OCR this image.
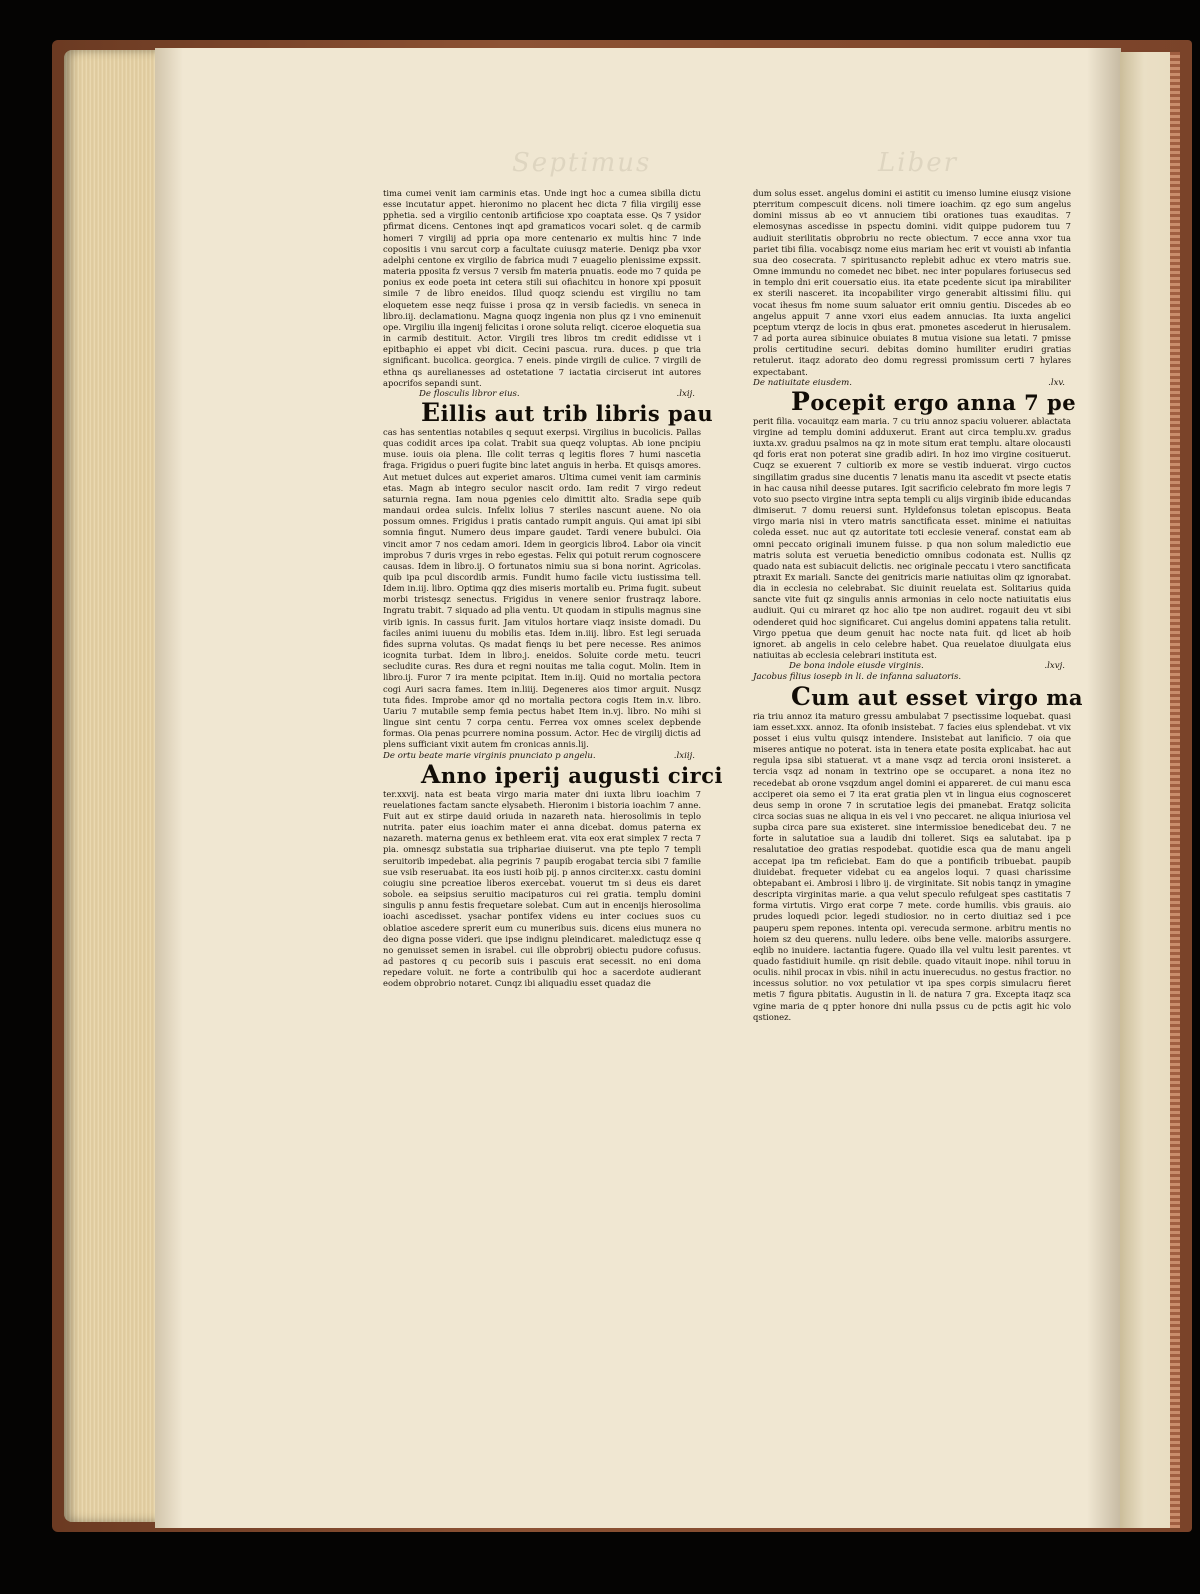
Septimus	Liber

tima cumei venit iam carminis etas. Unde ingt hoc a cumea sibilla dictu esse incutatur appet. hieronimo no placent hec dicta 7 filia virgilij esse pphetia. sed a virgilio centonib artificiose xpo coaptata esse. Qs 7 ysidor pfirmat dicens. Centones inqt apd gramaticos vocari solet. q de carmib homeri 7 virgilij ad ppria opa more centenario ex multis hinc 7 inde copositis i vnu sarcut corp a facultate cuiusqz materie. Deniqz pba vxor adelphi centone ex virgilio de fabrica mudi 7 euagelio plenissime expssit. materia pposita fz versus 7 versib fm materia pnuatis. eode mo 7 quida pe ponius ex eode poeta int cetera stili sui ofiachitcu in honore xpi pposuit simile 7 de libro eneidos. Illud quoqz sciendu est virgiliu no tam eloquetem esse neqz fuisse i prosa qz in versib faciedis. vn seneca in libro.iij. declamationu. Magna quoqz ingenia non plus qz i vno eminenuit ope. Virgiliu illa ingenij felicitas i orone soluta reliqt. ciceroe eloquetia sua in carmib destituit. Actor. Virgili tres libros tm credit edidisse vt i epitbaphio ei appet vbi dicit. Cecini pascua. rura. duces. p que tria significant. bucolica. georgica. 7 eneis. pinde virgili de culice. 7 virgili de ethna qs aurelianesses ad ostetatione 7 iactatia circiserut int autores apocrifos sepandi sunt.

De flosculis libror eius.	.lxij.
Eillis aut trib libris pau

cas has sententias notabiles q sequut exerpsi. Virgilius in bucolicis. Pallas quas codidit arces ipa colat. Trabit sua queqz voluptas. Ab ione pncipiu muse. iouis oia plena. Ille colit terras q legitis flores 7 humi nascetia fraga. Frigidus o pueri fugite binc latet anguis in herba. Et quisqs amores. Aut metuet dulces aut experiet amaros. Ultima cumei venit iam carminis etas. Magn ab integro seculor nascit ordo. Iam redit 7 virgo redeut saturnia regna. Iam noua pgenies celo dimittit alto. Sradia sepe quib mandaui ordea sulcis. Infelix lolius 7 steriles nascunt auene. No oia possum omnes. Frigidus i pratis cantado rumpit anguis. Qui amat ipi sibi somnia fingut. Numero deus impare gaudet. Tardi venere bubulci. Oia vincit amor 7 nos cedam amori. Idem in georgicis libro4. Labor oia vincit improbus 7 duris vrges in rebo egestas. Felix qui potuit rerum cognoscere causas. Idem in libro.ij. O fortunatos nimiu sua si bona norint. Agricolas. quib ipa pcul discordib armis. Fundit humo facile victu iustissima tell. Idem in.iij. libro. Optima qqz dies miseris mortalib eu. Prima fugit. subeut morbi tristesqz senectus. Frigidus in venere senior frustraqz labore. Ingratu trabit. 7 siquado ad plia ventu. Ut quodam in stipulis magnus sine virib ignis. In cassus furit. Jam vitulos hortare viaqz insiste domadi. Du faciles animi iuuenu du mobilis etas. Idem in.iiij. libro. Est legi seruada fides suprna volutas. Qs madat fienqs iu bet pere necesse. Res animos icognita turbat. Idem in libro.j. eneidos. Soluite corde metu. teucri secludite curas. Res dura et regni nouitas me talia cogut. Molin. Item in libro.ij. Furor 7 ira mente pcipitat. Item in.iij. Quid no mortalia pectora cogi Auri sacra fames. Item in.liiij. Degeneres aios timor arguit. Nusqz tuta fides. Improbe amor qd no mortalia pectora cogis Item in.v. libro. Uariu 7 mutabile semp femia pectus habet Item in.vj. libro. No mihi si lingue sint centu 7 corpa centu. Ferrea vox omnes scelex depbende formas. Oia penas pcurrere nomina possum. Actor. Hec de virgilij dictis ad plens sufficiant vixit autem fm cronicas annis.lij.

De ortu beate marie virginis pnunciato p angelu.	.lxiij.
Anno iperij augusti circi

ter.xxvij. nata est beata virgo maria mater dni iuxta libru ioachim 7 reuelationes factam sancte elysabeth. Hieronim i bistoria ioachim 7 anne. Fuit aut ex stirpe dauid oriuda in nazareth nata. hierosolimis in teplo nutrita. pater eius ioachim mater ei anna dicebat. domus paterna ex nazareth. materna genus ex bethleem erat. vita eox erat simplex 7 recta 7 pia. omnesqz substatia sua triphariae diuiserut. vna pte teplo 7 templi seruitorib impedebat. alia pegrinis 7 paupib erogabat tercia sibi 7 familie sue vsib reseruabat. ita eos iusti hoib pij. p annos circiter.xx. castu domini coiugiu sine pcreatioe liberos exercebat. vouerut tm si deus eis daret sobole. ea seipsius seruitio macipaturos cui rei gratia. templu domini singulis p annu festis frequetare solebat. Cum aut in encenijs hierosolima ioachi ascedisset. ysachar pontifex videns eu inter cociues suos cu oblatioe ascedere sprerit eum cu muneribus suis. dicens eius munera no deo digna posse videri. que ipse indignu pleindicaret. maledictuqz esse q no genuisset semen in israbel. cui ille obprobrij obiectu pudore cofusus. ad pastores q cu pecorib suis i pascuis erat secessit. no eni doma repedare voluit. ne forte a contribulib qui hoc a sacerdote audierant eodem obprobrio notaret. Cunqz ibi aliquadiu esset quadaz die

dum solus esset. angelus domini ei astitit cu imenso lumine eiusqz visione pterritum compescuit dicens. noli timere ioachim. qz ego sum angelus domini missus ab eo vt annuciem tibi orationes tuas exauditas. 7 elemosynas ascedisse in pspectu domini. vidit quippe pudorem tuu 7 audiuit sterilitatis obprobriu no recte obiectum. 7 ecce anna vxor tua pariet tibi filia. vocabisqz nome eius mariam hec erit vt vouisti ab infantia sua deo cosecrata. 7 spiritusancto replebit adhuc ex vtero matris sue. Omne immundu no comedet nec bibet. nec inter populares foriusecus sed in templo dni erit couersatio eius. ita etate pcedente sicut ipa mirabiliter ex sterili nasceret. ita incopabiliter virgo generabit altissimi filiu. qui vocat ihesus fm nome suum saluator erit omniu gentiu. Discedes ab eo angelus appuit 7 anne vxori eius eadem annucias. Ita iuxta angelici pceptum vterqz de locis in qbus erat. pmonetes ascederut in hierusalem. 7 ad porta aurea sibinuice obuiates 8 mutua visione sua letati. 7 pmisse prolis certitudine securi. debitas domino humiliter erudiri gratias retulerut. itaqz adorato deo domu regressi promissum certi 7 hylares expectabant.

De natiuitate eiusdem.	.lxv.
Pocepit ergo anna 7 pe

perit filia. vocauitqz eam maria. 7 cu triu annoz spaciu voluerer. ablactata virgine ad templu domini adduxerut. Erant aut circa templu.xv. gradus iuxta.xv. graduu psalmos na qz in mote situm erat templu. altare olocausti qd foris erat non poterat sine gradib adiri. In hoz imo virgine cosituerut. Cuqz se exuerent 7 cultiorib ex more se vestib induerat. virgo cuctos singillatim gradus sine ducentis 7 lenatis manu ita ascedit vt psecte etatis in hac causa nihil deesse putares. Igit sacrificio celebrato fm more legis 7 voto suo psecto virgine intra septa templi cu alijs virginib ibide educandas dimiserut. 7 domu reuersi sunt. Hyldefonsus toletan episcopus. Beata virgo maria nisi in vtero matris sanctificata esset. minime ei natiuitas coleda esset. nuc aut qz autoritate toti ecclesie veneraf. constat eam ab omni peccato originali imunem fuisse. p qua non solum maledictio eue matris soluta est veruetia benedictio omnibus codonata est. Nullis qz quado nata est subiacuit delictis. nec originale peccatu i vtero sanctificata ptraxit Ex mariali. Sancte dei genitricis marie natiuitas olim qz ignorabat. dia in ecclesia no celebrabat. Sic diuinit reuelata est. Solitarius quida sancte vite fuit qz singulis annis armonias in celo nocte natiuitatis eius audiuit. Qui cu miraret qz hoc alio tpe non audiret. rogauit deu vt sibi odenderet quid hoc significaret. Cui angelus domini appatens talia retulit. Virgo ppetua que deum genuit hac nocte nata fuit. qd licet ab hoib ignoret. ab angelis in celo celebre habet. Qua reuelatoe diuulgata eius natiuitas ab ecclesia celebrari instituta est.

De bona indole eiusde virginis.	.lxvj.
Jacobus filius iosepb in li. de infanna saluatoris.
Cum aut esset virgo ma

ria triu annoz ita maturo gressu ambulabat 7 psectissime loquebat. quasi iam esset.xxx. annoz. Ita ofonib insistebat. 7 facies eius splendebat. vt vix posset i eius vultu quisqz intendere. Insistebat aut lanificio. 7 oia que miseres antique no poterat. ista in tenera etate posita explicabat. hac aut regula ipsa sibi statuerat. vt a mane vsqz ad tercia oroni insisteret. a tercia vsqz ad nonam in textrino ope se occuparet. a nona itez no recedebat ab orone vsqzdum angel domini ei appareret. de cui manu esca acciperet oia semo ei 7 ita erat gratia plen vt in lingua eius cognosceret deus semp in orone 7 in scrutatioe legis dei pmanebat. Eratqz solicita circa socias suas ne aliqua in eis vel i vno peccaret. ne aliqua iniuriosa vel supba circa pare sua existeret. sine intermissioe benedicebat deu. 7 ne forte in salutatioe sua a laudib dni tolleret. Siqs ea salutabat. ipa p resalutatioe deo gratias respodebat. quotidie esca qua de manu angeli accepat ipa tm reficiebat. Eam do que a pontificib tribuebat. paupib diuidebat. frequeter videbat cu ea angelos loqui. 7 quasi charissime obtepabant ei. Ambrosi i libro ij. de virginitate. Sit nobis tanqz in ymagine descripta virginitas marie. a qua velut speculo refulgeat spes castitatis 7 forma virtutis. Virgo erat corpe 7 mete. corde humilis. vbis grauis. aio prudes loquedi pcior. legedi studiosior. no in certo diuitiaz sed i pce pauperu spem repones. intenta opi. verecuda sermone. arbitru mentis no hoiem sz deu querens. nullu ledere. oibs bene velle. maioribs assurgere. eqlib no inuidere. iactantia fugere. Quado illa vel vultu lesit parentes. vt quado fastidiuit humile. qn risit debile. quado vitauit inope. nihil toruu in oculis. nihil procax in vbis. nihil in actu inuerecudus. no gestus fractior. no incessus solutior. no vox petulatior vt ipa spes corpis simulacru fieret metis 7 figura pbitatis. Augustin in li. de natura 7 gra. Excepta itaqz sca vgine maria de q ppter honore dni nulla pssus cu de pctis agit hic volo qstionez.
